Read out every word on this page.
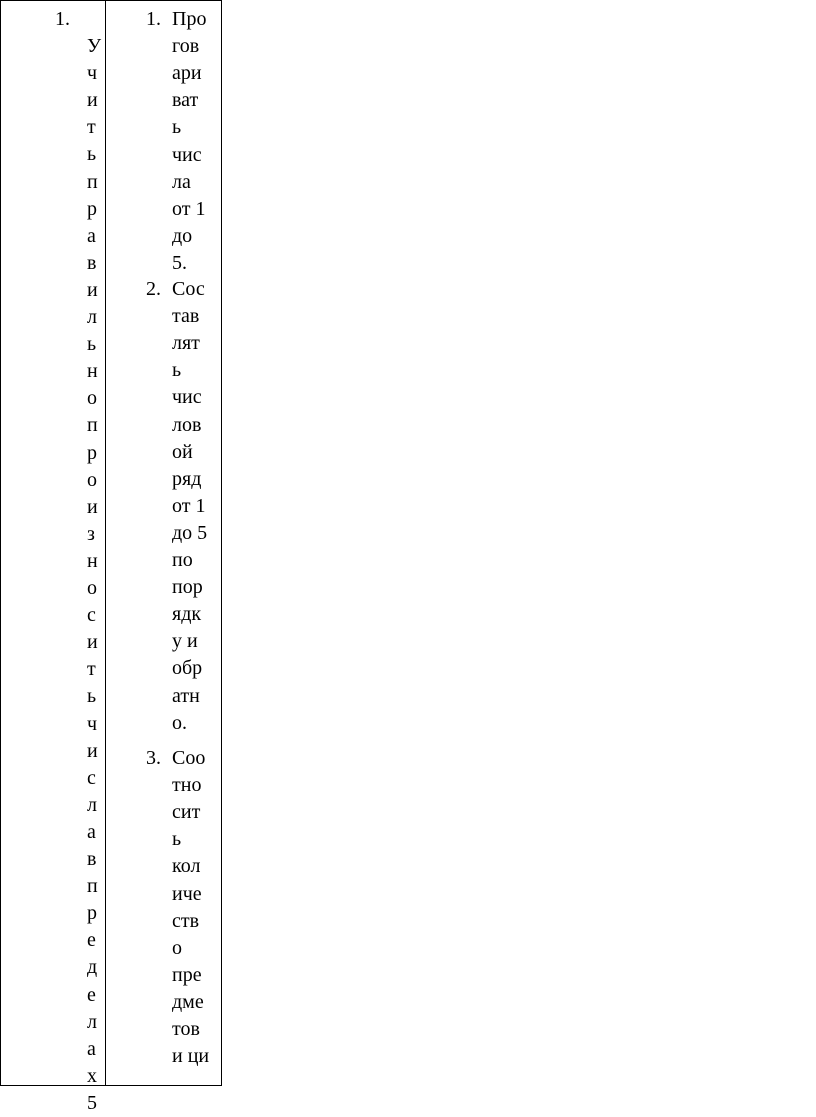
1.
У
ч
и
т
ь
п
р
а
в
и
л
ь
н
о
п
р
о
и
з
н
о
с
и
т
ь
ч
и
с
л
а
в
п
р
е
д
е
л
а
х
5
1.
2.
3.
Про
гов
ари
ват
ь
чис
ла
от 1
до
5.
Сос
тав
лят
ь
чис
лов
ой
ряд
от 1
до 5
по
пор
ядк
у и
обр
атн
о.
Соо
тно
сит
ь
кол
иче
ств
о
пре
дме
тов
и ци
